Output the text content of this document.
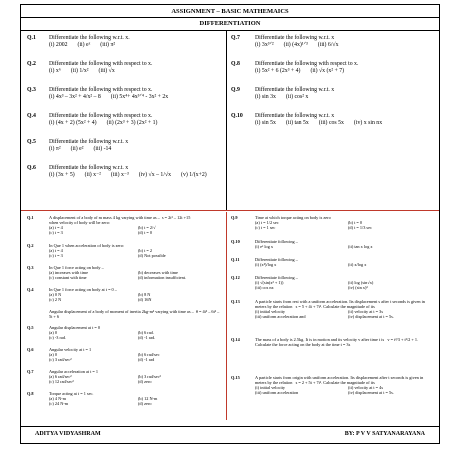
ASSIGNMENT – BASIC MATHEMAICS
DIFFERENTIATION
Q.1 Differentiate the following w.r.t. x.
(i) 2002 (ii) eˣ (iii) π²
Q.2 Differentiate the following with respect to x.
(i) x⁶ (ii) 1/x² (iii) √x
Q.3 Differentiate the following with respect to x.
(i) 4x³ – 3x² + 4/x² – 8 (ii) 5x⁴+ 4x³ᐟ⁴ - 3x² + 2x
Q.4 Differentiate the following with respect to x.
(i) (4x + 2) (5x² + 4) (ii) (2x³ + 3) (2x² + 1)
Q.5 Differentiate the following w.r.t. x
(i) π² (ii) e² (iii) -14
Q.6 Differentiate the following w.r.t. x
(i) (3x + 5) (ii) x⁻² (iii) x⁻³ (iv) √x – 1/√x (v) 1/(x+2)
Q.7	Differentiate the following w.r.t. x
(i) 3x³ᐟ² (ii) (4x)¹ᐟ³ (iii) 6/√x
Q.8	Differentiate the following with respect to x.
(i) 5x² + 6 (2x³ + 4) (ii) √x (x² + 7)
Q.9	Differentiate the following w.r.t. x
(i) sin 3x (ii) cos² x
Q.10 Differentiate the following w.r.t. x
(i) sin 5x (ii) tan 5x (iii) cos 5x (iv) x sin nx
Q.1	A displacement of a body of m mass 4 kg varying with time as –  s = 2t³ – 12t +15
when velocity of body will be zero:
(a) t = 4	(b) t = 2/√
(c) t = 3	(d) t = 0
Q.2	In Que 1 when acceleration of body is zero:
(a) t = 4	(b) t = 2
(c) t = 3	(d) Not possible
Q.3	In Que 1 force acting on body –
(a) increases with time	(b) decreases with time
(c) constant with time	(d) information insufficient.
Q.4	In Que 1 force acting on body at t = 0 –
(a) 0 N	(b) 8 N
(c) 2 N	(d) 16N
Angular displacement of a body of moment of inertia 2kg-m² varying with time as –  θ = 4t³ – 6t² – 5t + 6
Q.5	Angular displacement at t = 0
(a) 0	(b) 6 rad.
(c) -3 rad.	(d) -1 rad.
Q.6	Angular velocity at t = 1
(a) 0	(b) 6 rad/sec
(c) 3 rad/sec²	(d) -1 rad
Q.7	Angular acceleration at t = 1
(a) 6 rad/sec²	(b) 3 rad/sec²
(c) 12 rad/sec²	(d) zero
Q.8	Torque acting at t = 1 sec.
(a) 4 N-m	(b) 12 N-m
(c) 24 N-m	(d) zero
Q.9	Time at which torque acting on body is zero
(a) t = 1/2 sec	(b) t = 0
(c) t = 1 sec	(d) t = 1/3 sec
Q.10	Differentiate following –
(i) eˣ log x	(ii) tan x log x
Q.11	Differentiate following –
(i) (x²)/log x	(ii) x/log x
Q.12	Differentiate following –
(i) √(sin(x² + 1))	(ii) log (sin√x)
(iii) cos nx	(iv) (sin x)³
Q.13	A particle starts from rest with a uniform acceleration. Its displacement s after t seconds is given in meters by the relation   s = 5 + 4t + 7t². Calculate the magnitude of its
(i) initial velocity	(ii) velocity at t = 3s
(iii) uniform acceleration and	(iv) displacement at t = 5s.
Q.14	The mass of a body is 2.5kg. It is in motion and its velocity v after time t is   v = t³/3 + t²/2 + 1. Calculate the force acting on the body at the time t = 3s
Q.15	A particle starts from origin with uniform acceleration. Its displacement after t seconds is given in meters by the relation   s = 2 + 5t + 7t². Calculate the magnitude of its
(i) initial velocity	(ii) velocity at t = 4s
(iii) uniform acceleration	(iv) displacement at t = 5s.
ADITYA VIDYASHRAM	BY: P V V SATYANARAYANA
